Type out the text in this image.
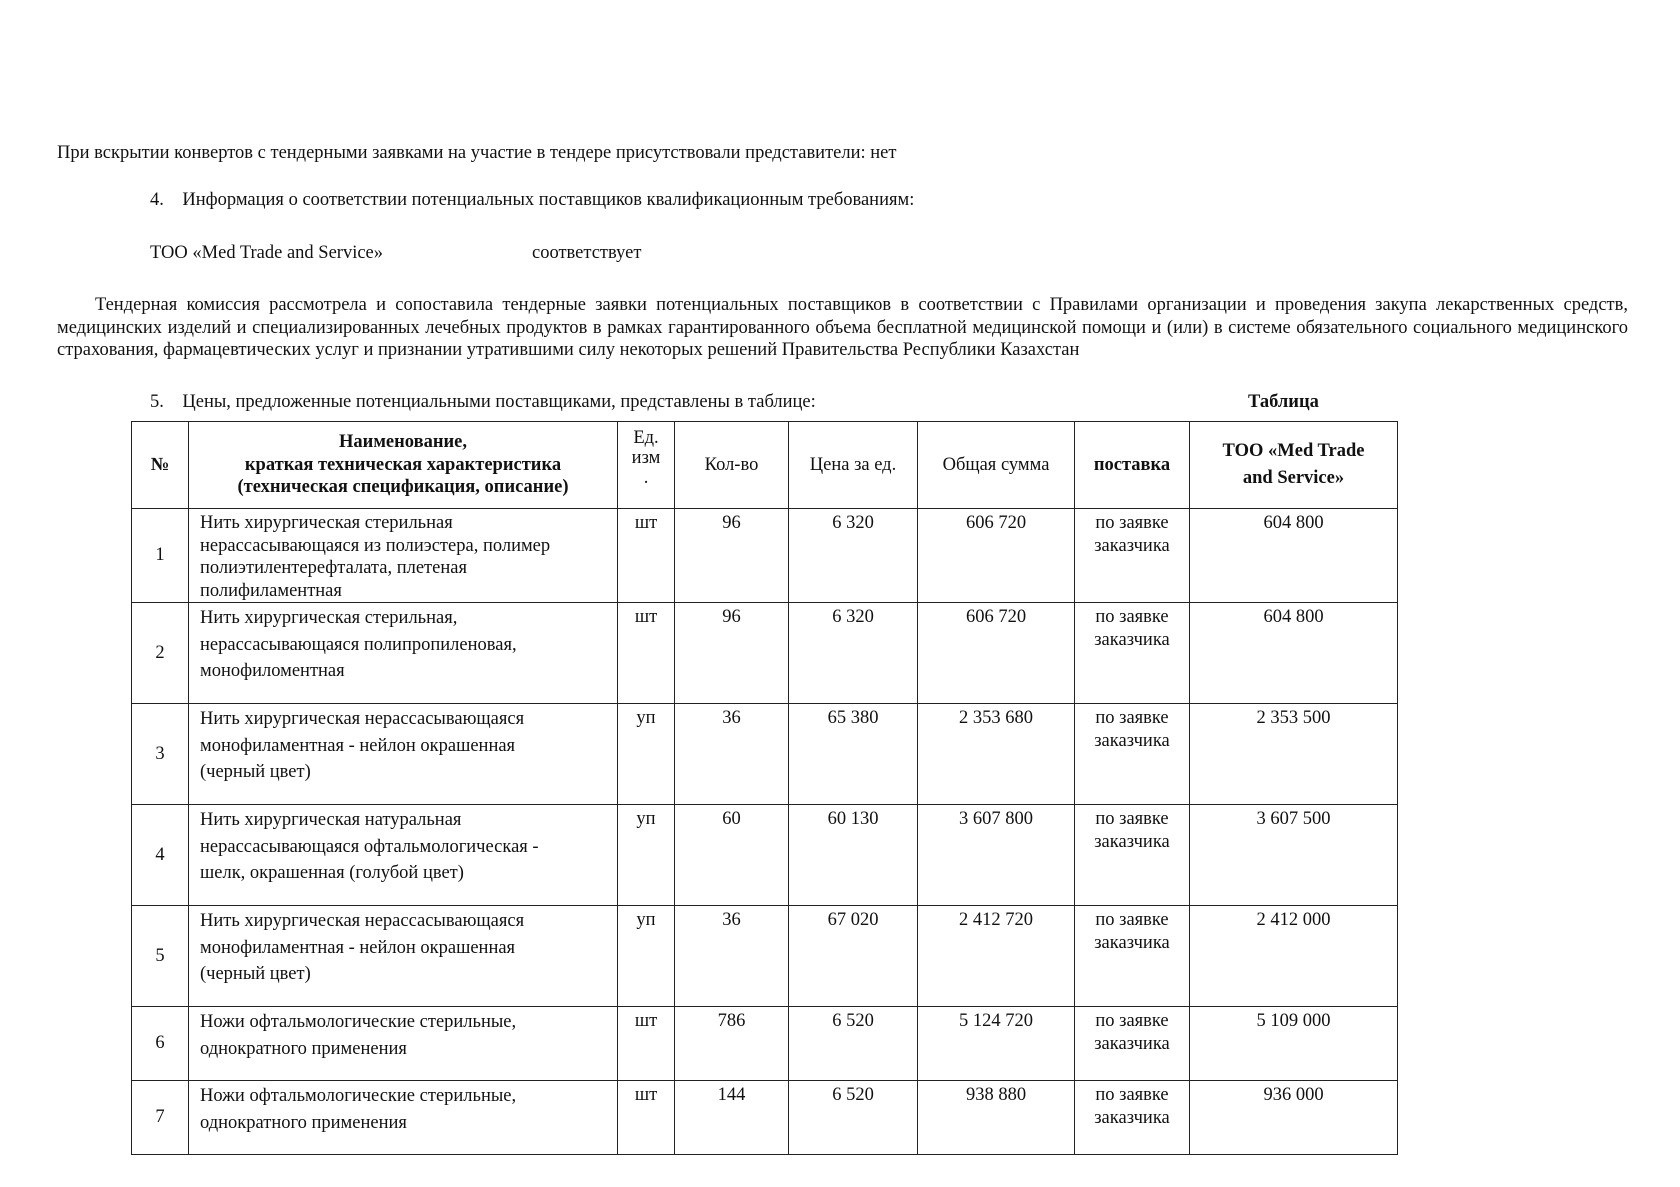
При вскрытии конвертов с тендерными заявками на участие в тендере присутствовали представители: нет
4. Информация о соответствии потенциальных поставщиков квалификационным требованиям:
ТОО «Med Trade and Service»	соответствует
Тендерная комиссия рассмотрела и сопоставила тендерные заявки потенциальных поставщиков в соответствии с Правилами организации и проведения закупа лекарственных средств, медицинских изделий и специализированных лечебных продуктов в рамках гарантированного объема бесплатной медицинской помощи и (или) в системе обязательного социального медицинского страхования, фармацевтических услуг и признании утратившими силу некоторых решений Правительства Республики Казахстан
5. Цены, предложенные потенциальными поставщиками, представлены в таблице:	Таблица
№	Наименование,
краткая техническая характеристика
(техническая спецификация, описание)	Ед.
изм
.	Кол-во	Цена за ед.	Общая сумма	поставка	ТОО «Med Trade
and Service»

1	Нить хирургическая стерильная
нерассасывающаяся из полиэстера, полимер
полиэтилентерефталата, плетеная
полифиламентная	шт	96	6 320	606 720	по заявке
заказчика	604 800
2	Нить хирургическая стерильная,
нерассасывающаяся полипропиленовая,
монофиломентная	шт	96	6 320	606 720	по заявке
заказчика	604 800
3	Нить хирургическая нерассасывающаяся
монофиламентная - нейлон окрашенная
(черный цвет)	уп	36	65 380	2 353 680	по заявке
заказчика	2 353 500
4	Нить хирургическая натуральная
нерассасывающаяся офтальмологическая -
шелк, окрашенная (голубой цвет)	уп	60	60 130	3 607 800	по заявке
заказчика	3 607 500
5	Нить хирургическая нерассасывающаяся
монофиламентная - нейлон окрашенная
(черный цвет)	уп	36	67 020	2 412 720	по заявке
заказчика	2 412 000
6	Ножи офтальмологические стерильные,
однократного применения	шт	786	6 520	5 124 720	по заявке
заказчика	5 109 000
7	Ножи офтальмологические стерильные,
однократного применения	шт	144	6 520	938 880	по заявке
заказчика	936 000
